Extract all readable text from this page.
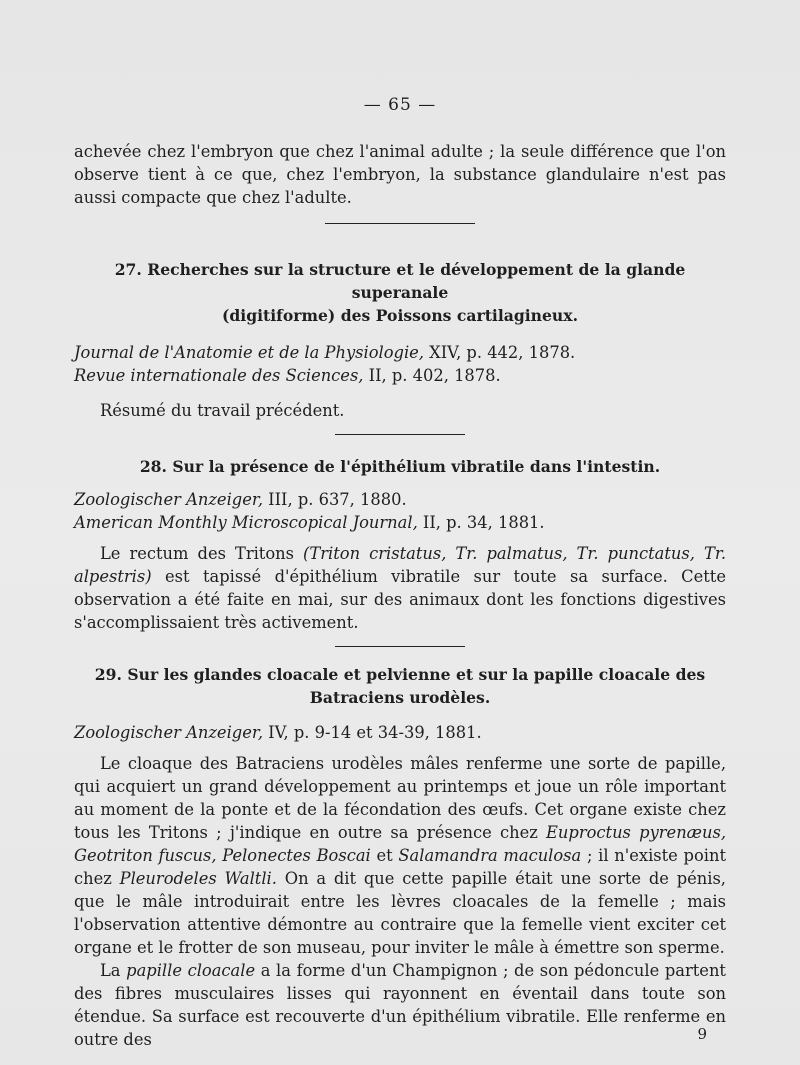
— 65 —

achevée chez l'embryon que chez l'animal adulte ; la seule différence que l'on observe tient à ce que, chez l'embryon, la substance glandulaire n'est pas aussi compacte que chez l'adulte.

27. Recherches sur la structure et le développement de la glande superanale
(digitiforme) des Poissons cartilagineux.

Journal de l'Anatomie et de la Physiologie, XIV, p. 442, 1878.

Revue internationale des Sciences, II, p. 402, 1878.

Résumé du travail précédent.

28. Sur la présence de l'épithélium vibratile dans l'intestin.

Zoologischer Anzeiger, III, p. 637, 1880.

American Monthly Microscopical Journal, II, p. 34, 1881.

Le rectum des Tritons (Triton cristatus, Tr. palmatus, Tr. punctatus, Tr. alpestris) est tapissé d'épithélium vibratile sur toute sa surface. Cette observation a été faite en mai, sur des animaux dont les fonctions digestives s'accomplissaient très activement.

29. Sur les glandes cloacale et pelvienne et sur la papille cloacale des
Batraciens urodèles.

Zoologischer Anzeiger, IV, p. 9-14 et 34-39, 1881.

Le cloaque des Batraciens urodèles mâles renferme une sorte de papille, qui acquiert un grand développement au printemps et joue un rôle important au moment de la ponte et de la fécondation des œufs. Cet organe existe chez tous les Tritons ; j'indique en outre sa présence chez Euproctus pyrenæus, Geotriton fuscus, Pelonectes Boscai et Salamandra maculosa ; il n'existe point chez Pleurodeles Waltli. On a dit que cette papille était une sorte de pénis, que le mâle introduirait entre les lèvres cloacales de la femelle ; mais l'observation attentive démontre au contraire que la femelle vient exciter cet organe et le frotter de son museau, pour inviter le mâle à émettre son sperme.

La papille cloacale a la forme d'un Champignon ; de son pédoncule partent des fibres musculaires lisses qui rayonnent en éventail dans toute son étendue. Sa surface est recouverte d'un épithélium vibratile. Elle renferme en outre des	9
